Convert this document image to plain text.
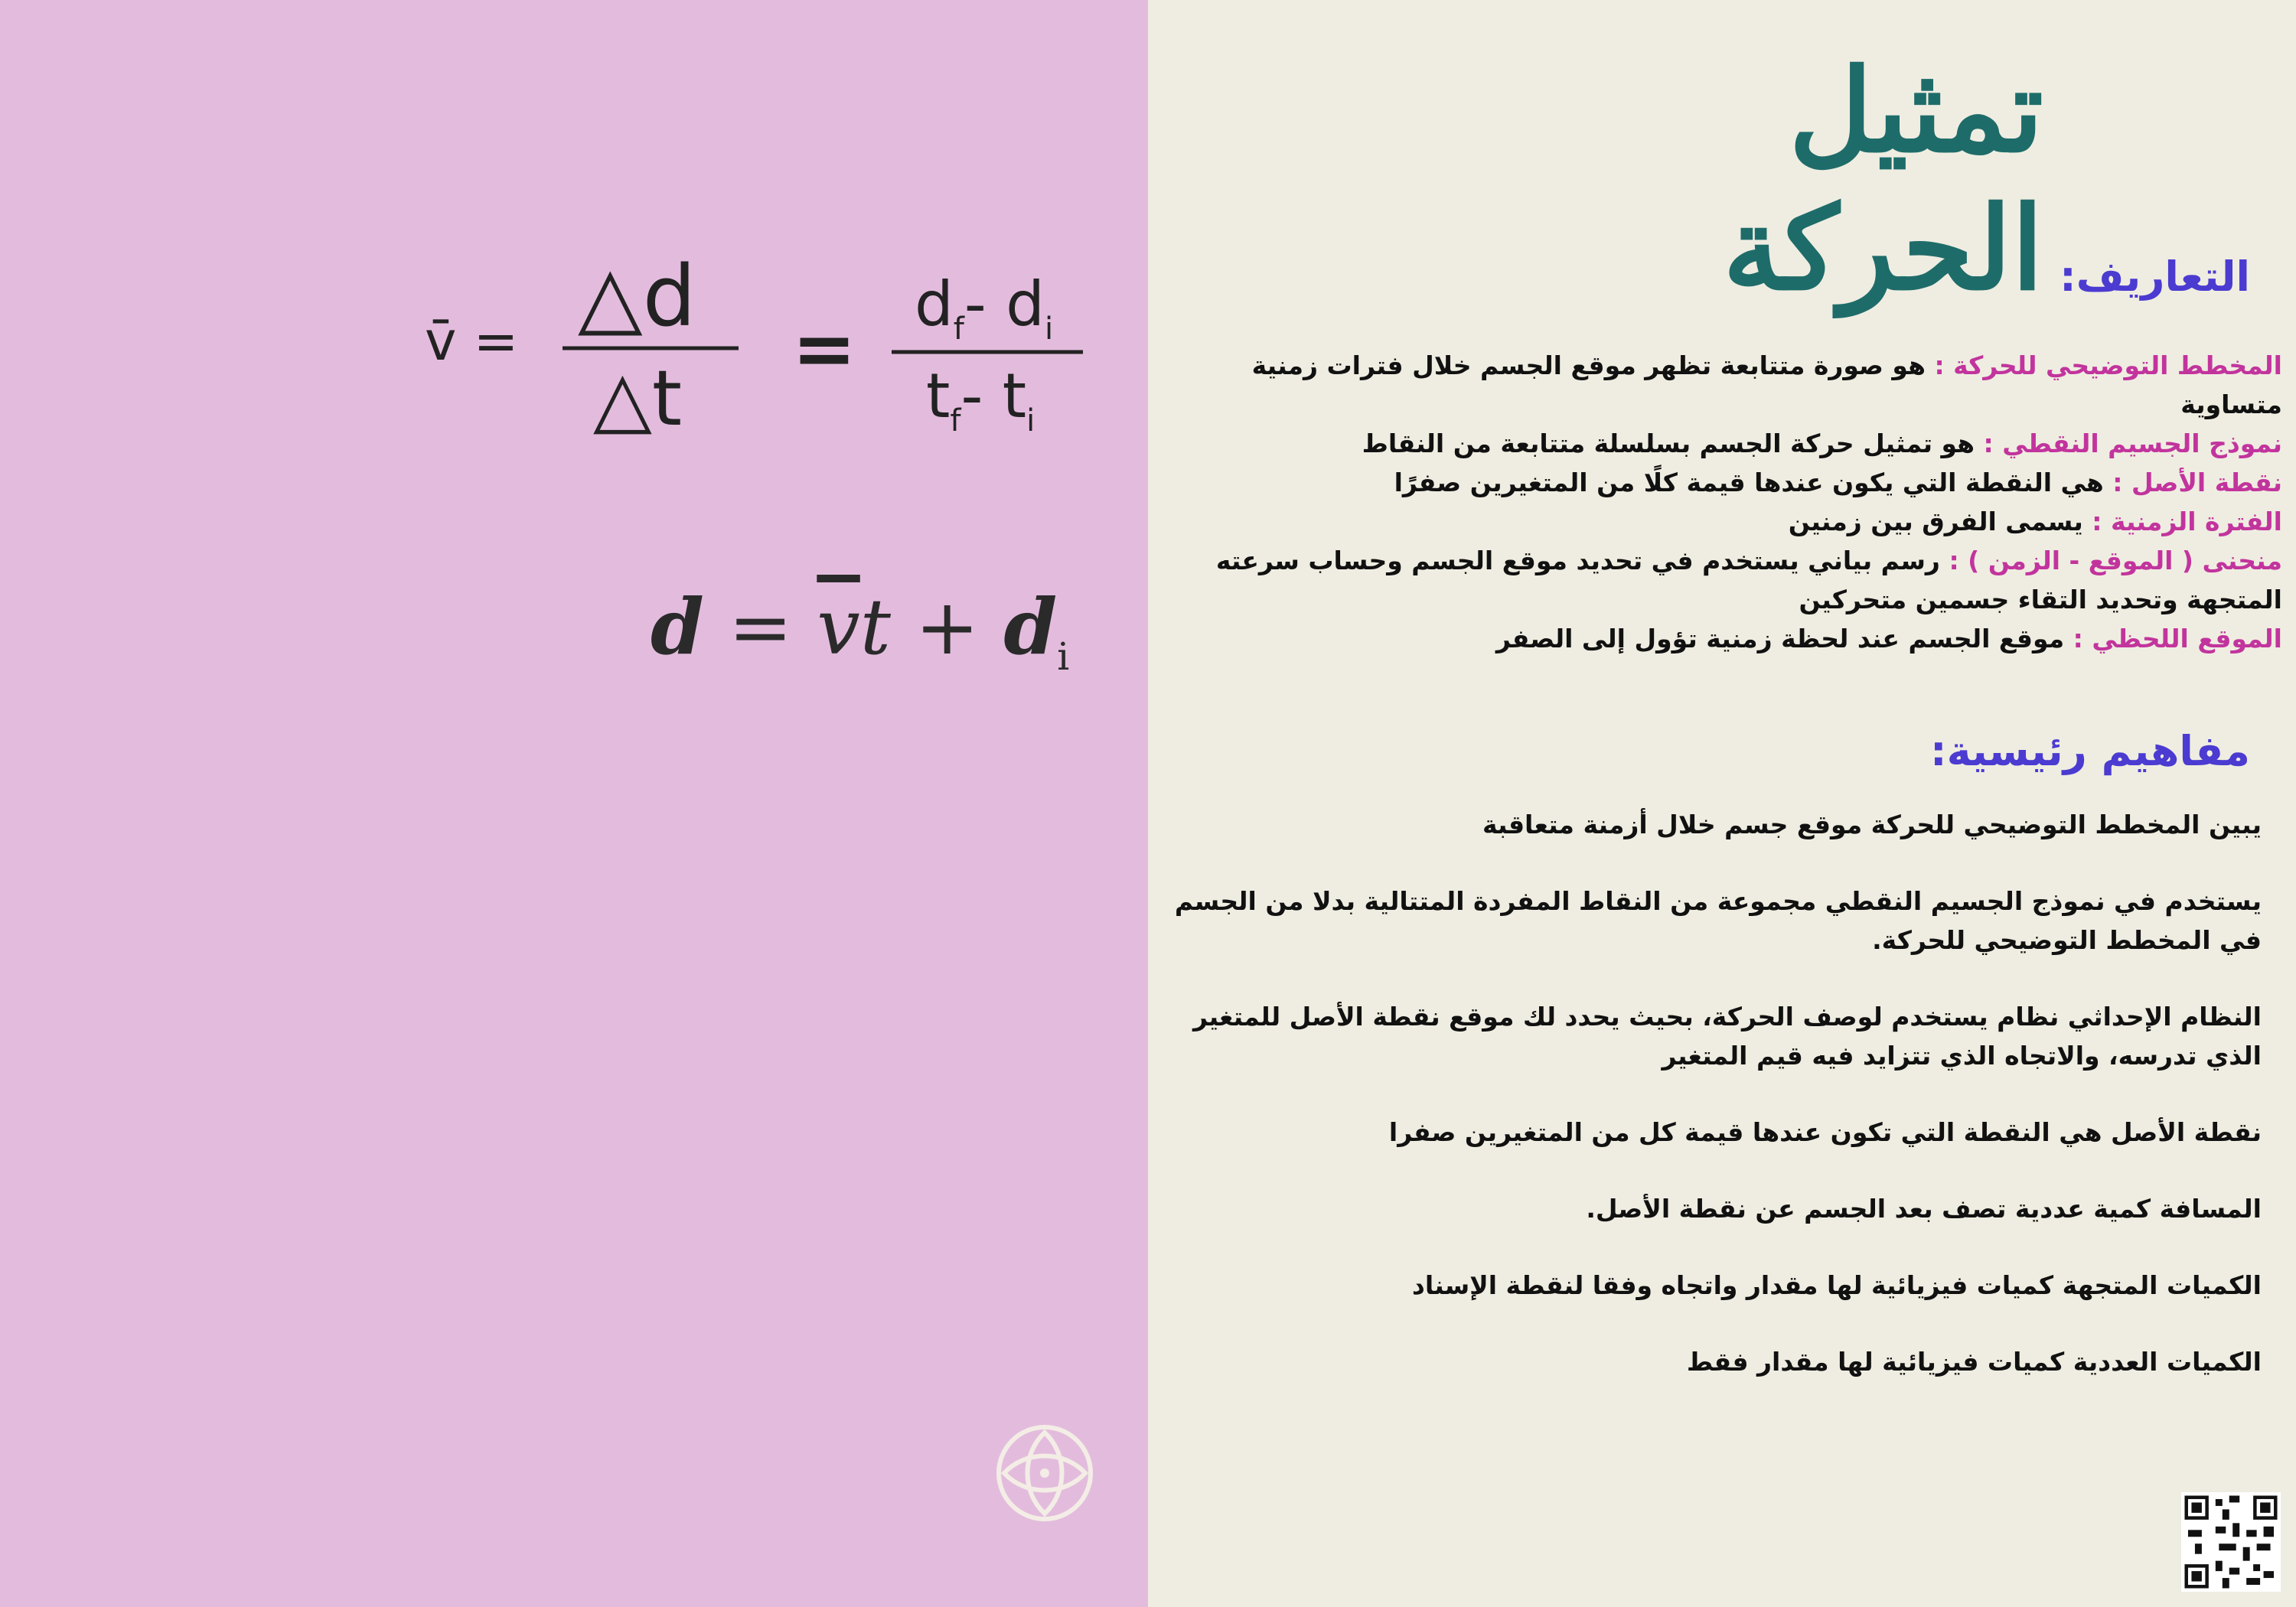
v̄ = △d
△t
= $d_f-$ $d_i$
$t_f-$ $t_i$
$d = \overline{v}t + d_i$
تمثيل الحركة التعاريف:
المخطط التوضيحي للحركة : هو صورة متتابعة تظهر موقع الجسم خلال فترات زمنية متساوية
نموذج الجسيم النقطي : هو تمثيل حركة الجسم بسلسلة متتابعة من النقاط
نقطة الأصل : هي النقطة التي يكون عندها قيمة كلًا من المتغيرين صفرًا
الفترة الزمنية : يسمى الفرق بين زمنين
منحنى ( الموقع - الزمن ) : رسم بياني يستخدم في تحديد موقع الجسم وحساب سرعته المتجهة وتحديد التقاء جسمين متحركين
الموقع اللحظي : موقع الجسم عند لحظة زمنية تؤول إلى الصفر
مفاهيم رئيسية:

يبين المخطط التوضيحي للحركة موقع جسم خلال أزمنة متعاقبة

يستخدم في نموذج الجسيم النقطي مجموعة من النقاط المفردة المتتالية بدلا من الجسم في المخطط التوضيحي للحركة.

النظام الإحداثي نظام يستخدم لوصف الحركة، بحيث يحدد لك موقع نقطة الأصل للمتغير الذي تدرسه، والاتجاه الذي تتزايد فيه قيم المتغير

نقطة الأصل هي النقطة التي تكون عندها قيمة كل من المتغيرين صفرا

المسافة كمية عددية تصف بعد الجسم عن نقطة الأصل.

الكميات المتجهة كميات فيزيائية لها مقدار واتجاه وفقا لنقطة الإسناد

الكميات العددية كميات فيزيائية لها مقدار فقط
